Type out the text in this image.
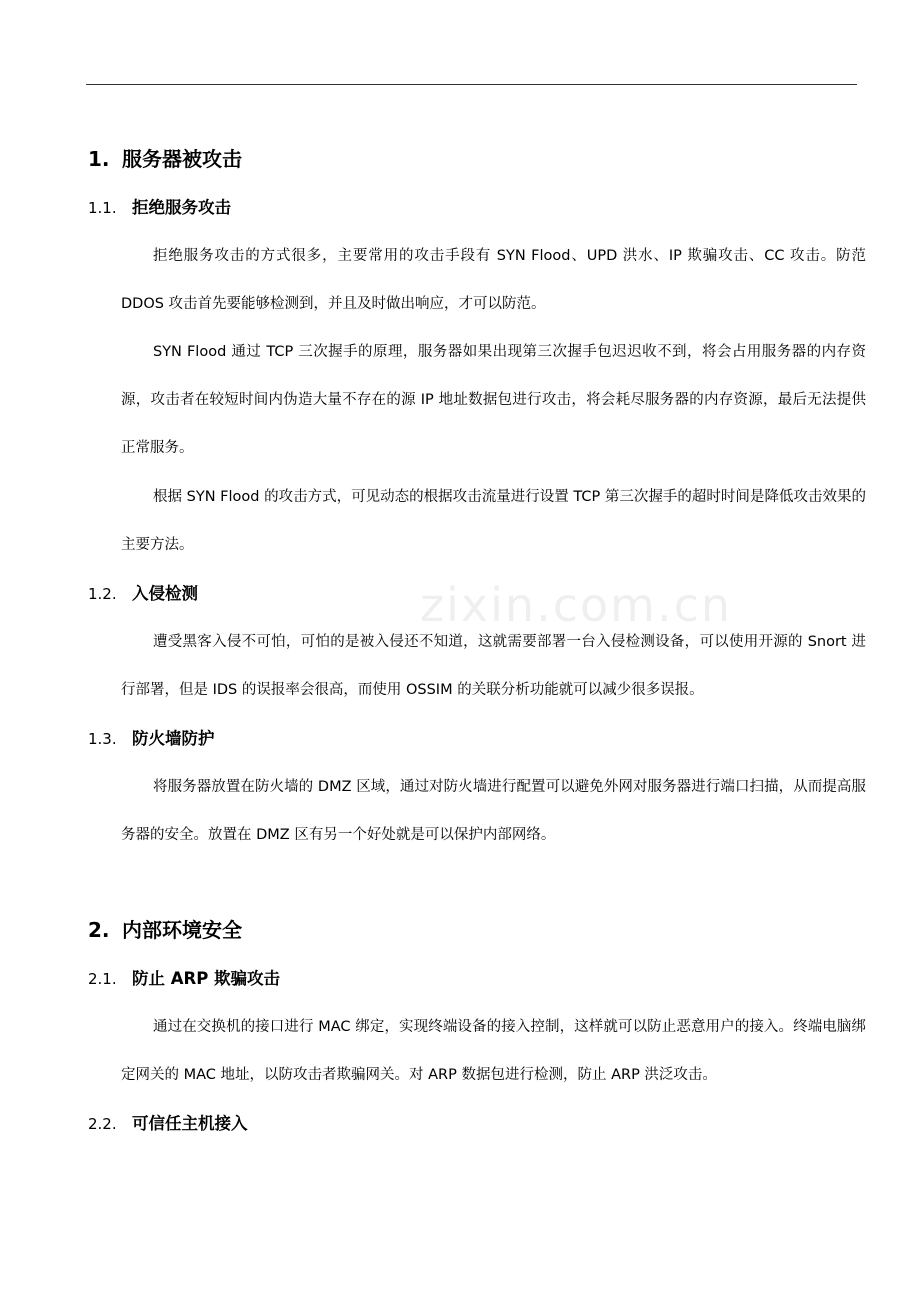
zixin.com.cn
1. 服务器被攻击
1.1. 拒绝服务攻击

拒绝服务攻击的方式很多，主要常用的攻击手段有 SYN Flood、UPD 洪水、IP 欺骗攻击、CC 攻击。防范 DDOS 攻击首先要能够检测到，并且及时做出响应，才可以防范。

SYN Flood 通过 TCP 三次握手的原理，服务器如果出现第三次握手包迟迟收不到，将会占用服务器的内存资源，攻击者在较短时间内伪造大量不存在的源 IP 地址数据包进行攻击，将会耗尽服务器的内存资源，最后无法提供正常服务。

根据 SYN Flood 的攻击方式，可见动态的根据攻击流量进行设置 TCP 第三次握手的超时时间是降低攻击效果的主要方法。

1.2. 入侵检测

遭受黑客入侵不可怕，可怕的是被入侵还不知道，这就需要部署一台入侵检测设备，可以使用开源的 Snort 进行部署，但是 IDS 的误报率会很高，而使用 OSSIM 的关联分析功能就可以减少很多误报。

1.3. 防火墙防护

将服务器放置在防火墙的 DMZ 区域，通过对防火墙进行配置可以避免外网对服务器进行端口扫描，从而提高服务器的安全。放置在 DMZ 区有另一个好处就是可以保护内部网络。

2. 内部环境安全
2.1. 防止 ARP 欺骗攻击

通过在交换机的接口进行 MAC 绑定，实现终端设备的接入控制，这样就可以防止恶意用户的接入。终端电脑绑定网关的 MAC 地址，以防攻击者欺骗网关。对 ARP 数据包进行检测，防止 ARP 洪泛攻击。

2.2. 可信任主机接入
